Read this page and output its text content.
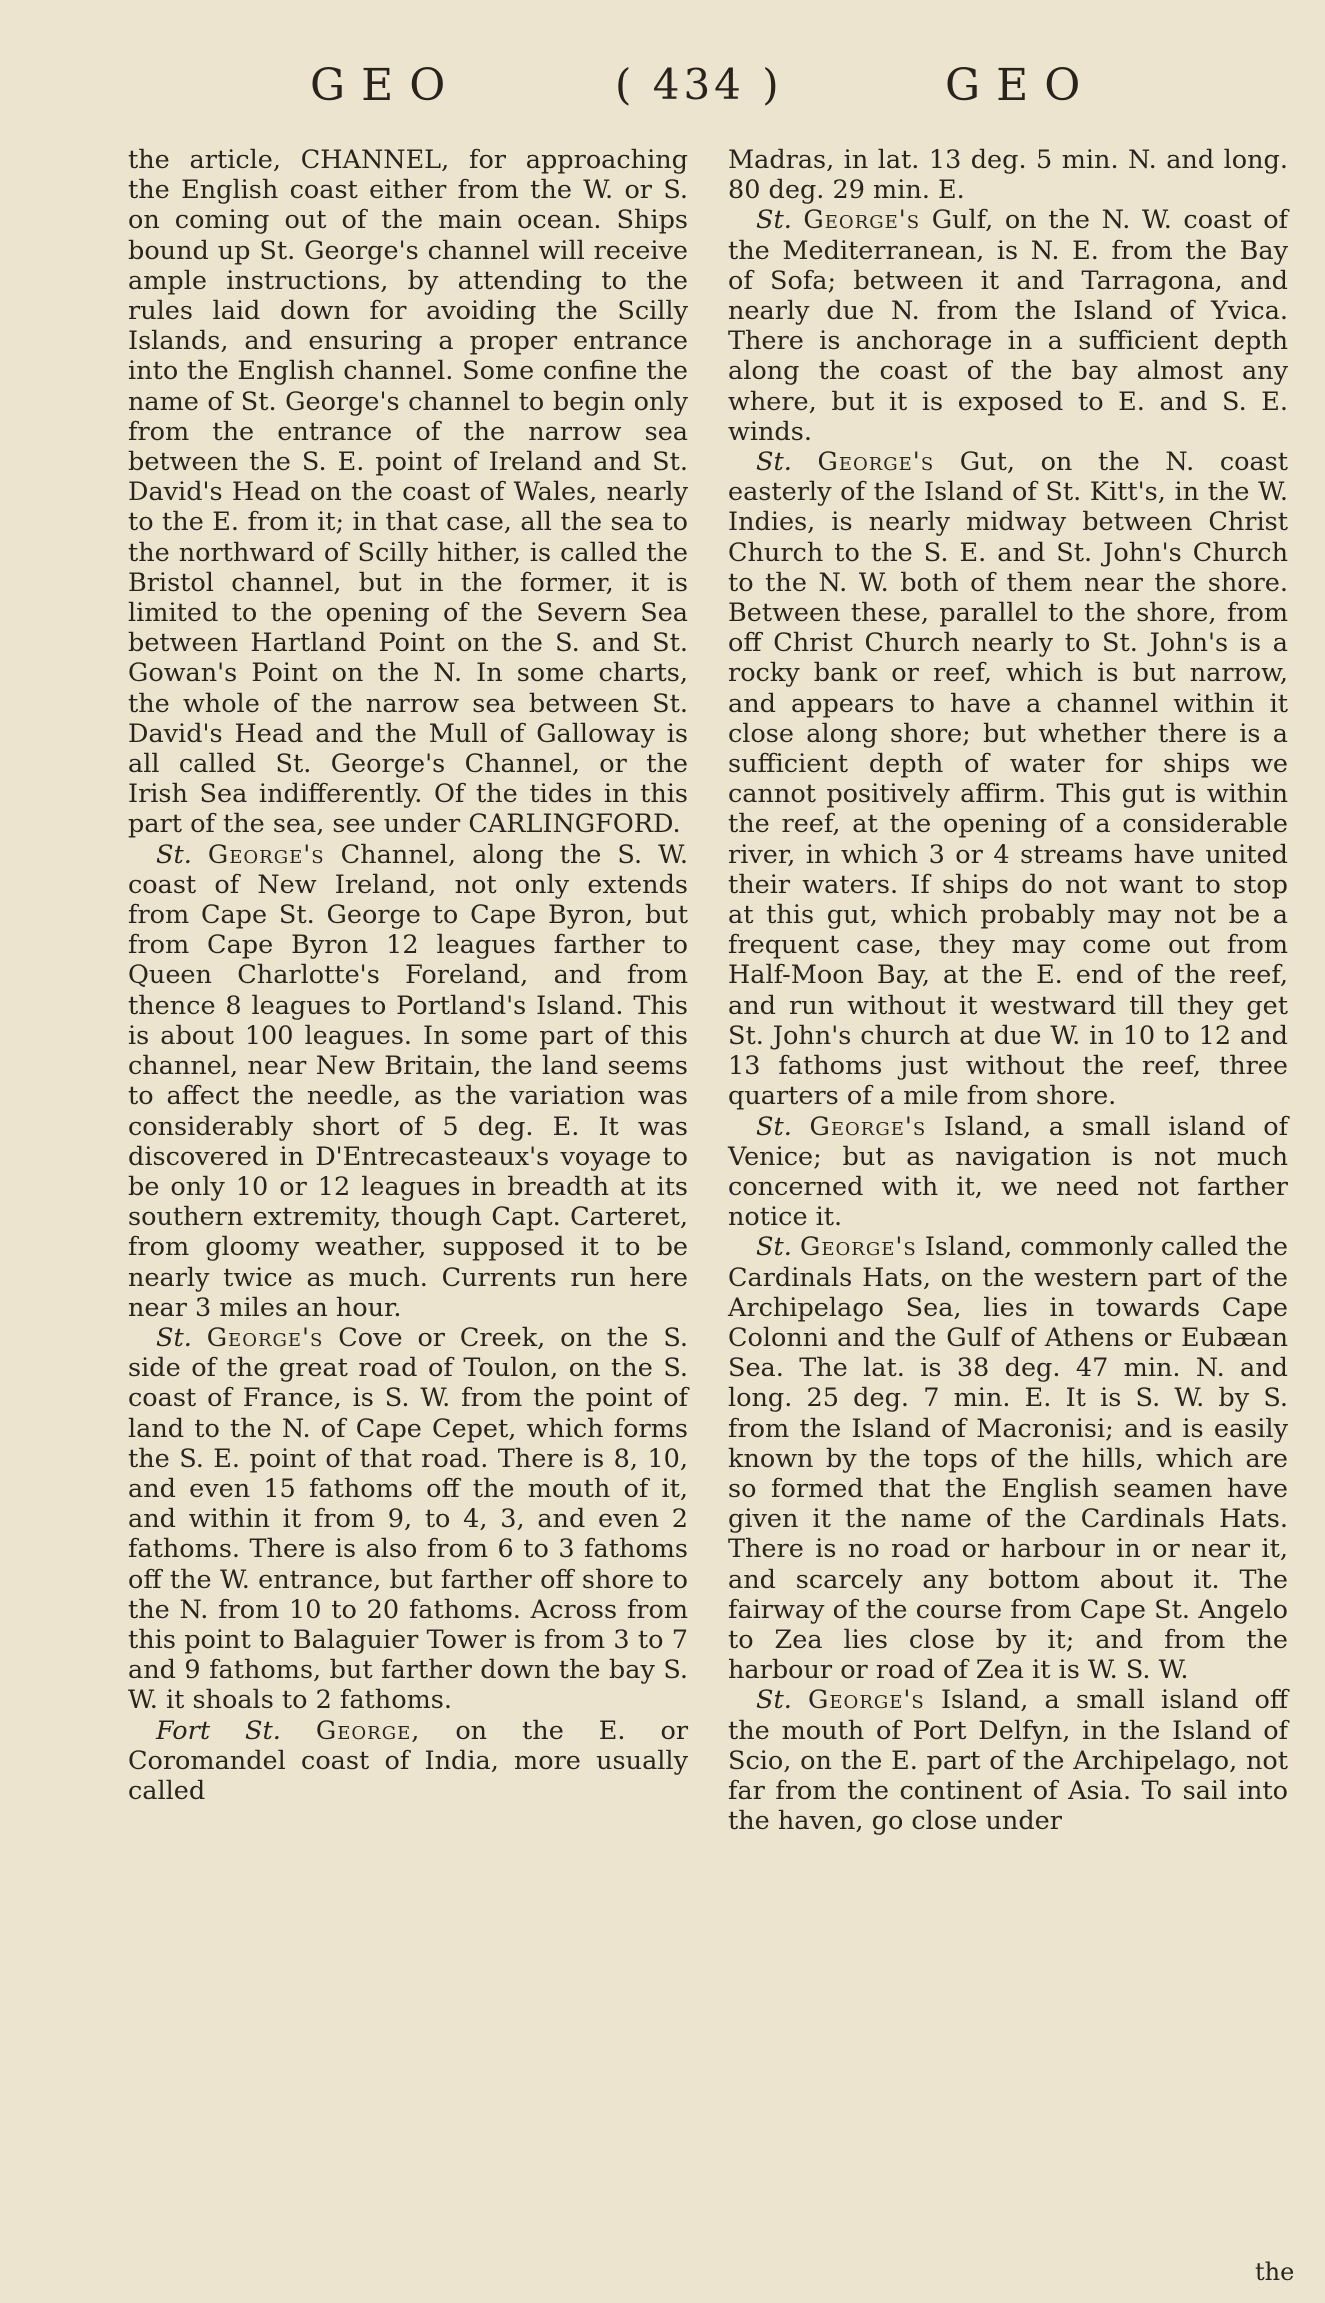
GEO	( 434 )	GEO

the article, CHANNEL, for approaching the English coast either from the W. or S. on coming out of the main ocean. Ships bound up St. George's channel will receive ample instructions, by attending to the rules laid down for avoiding the Scilly Islands, and ensuring a proper entrance into the English channel. Some confine the name of St. George's channel to begin only from the entrance of the narrow sea between the S. E. point of Ireland and St. David's Head on the coast of Wales, nearly to the E. from it; in that case, all the sea to the northward of Scilly hither, is called the Bristol channel, but in the former, it is limited to the opening of the Severn Sea between Hartland Point on the S. and St. Gowan's Point on the N. In some charts, the whole of the narrow sea between St. David's Head and the Mull of Galloway is all called St. George's Channel, or the Irish Sea indifferently. Of the tides in this part of the sea, see under CARLINGFORD.

St. George's Channel, along the S. W. coast of New Ireland, not only extends from Cape St. George to Cape Byron, but from Cape Byron 12 leagues farther to Queen Charlotte's Foreland, and from thence 8 leagues to Portland's Island. This is about 100 leagues. In some part of this channel, near New Britain, the land seems to affect the needle, as the variation was considerably short of 5 deg. E. It was discovered in D'Entrecasteaux's voyage to be only 10 or 12 leagues in breadth at its southern extremity, though Capt. Carteret, from gloomy weather, supposed it to be nearly twice as much. Currents run here near 3 miles an hour.

St. George's Cove or Creek, on the S. side of the great road of Toulon, on the S. coast of France, is S. W. from the point of land to the N. of Cape Cepet, which forms the S. E. point of that road. There is 8, 10, and even 15 fathoms off the mouth of it, and within it from 9, to 4, 3, and even 2 fathoms. There is also from 6 to 3 fathoms off the W. entrance, but farther off shore to the N. from 10 to 20 fathoms. Across from this point to Balaguier Tower is from 3 to 7 and 9 fathoms, but farther down the bay S. W. it shoals to 2 fathoms.

Fort St. George, on the E. or Coromandel coast of India, more usually called

Madras, in lat. 13 deg. 5 min. N. and long. 80 deg. 29 min. E.

St. George's Gulf, on the N. W. coast of the Mediterranean, is N. E. from the Bay of Sofa; between it and Tarragona, and nearly due N. from the Island of Yvica. There is anchorage in a sufficient depth along the coast of the bay almost any where, but it is exposed to E. and S. E. winds.

St. George's Gut, on the N. coast easterly of the Island of St. Kitt's, in the W. Indies, is nearly midway between Christ Church to the S. E. and St. John's Church to the N. W. both of them near the shore. Between these, parallel to the shore, from off Christ Church nearly to St. John's is a rocky bank or reef, which is but narrow, and appears to have a channel within it close along shore; but whether there is a sufficient depth of water for ships we cannot positively affirm. This gut is within the reef, at the opening of a considerable river, in which 3 or 4 streams have united their waters. If ships do not want to stop at this gut, which probably may not be a frequent case, they may come out from Half-Moon Bay, at the E. end of the reef, and run without it westward till they get St. John's church at due W. in 10 to 12 and 13 fathoms just without the reef, three quarters of a mile from shore.

St. George's Island, a small island of Venice; but as navigation is not much concerned with it, we need not farther notice it.

St. George's Island, commonly called the Cardinals Hats, on the western part of the Archipelago Sea, lies in towards Cape Colonni and the Gulf of Athens or Eubæan Sea. The lat. is 38 deg. 47 min. N. and long. 25 deg. 7 min. E. It is S. W. by S. from the Island of Macronisi; and is easily known by the tops of the hills, which are so formed that the English seamen have given it the name of the Cardinals Hats. There is no road or harbour in or near it, and scarcely any bottom about it. The fairway of the course from Cape St. Angelo to Zea lies close by it; and from the harbour or road of Zea it is W. S. W.

St. George's Island, a small island off the mouth of Port Delfyn, in the Island of Scio, on the E. part of the Archipelago, not far from the continent of Asia. To sail into the haven, go close under

the
